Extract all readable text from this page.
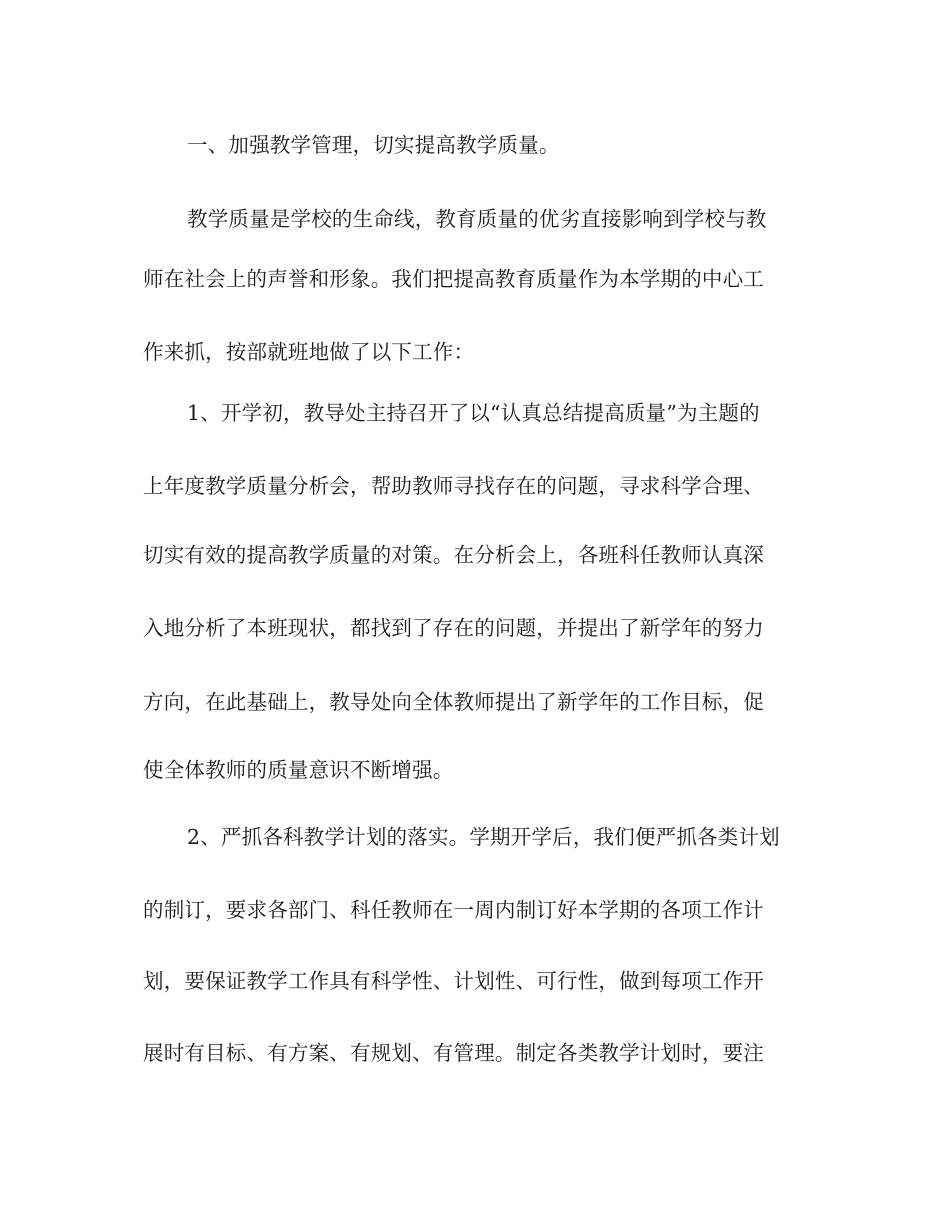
一、加强教学管理，切实提高教学质量。
教学质量是学校的生命线，教育质量的优劣直接影响到学校与教
师在社会上的声誉和形象。我们把提高教育质量作为本学期的中心工
作来抓，按部就班地做了以下工作：
1、开学初，教导处主持召开了以“认真总结提高质量”为主题的
上年度教学质量分析会，帮助教师寻找存在的问题，寻求科学合理、
切实有效的提高教学质量的对策。在分析会上，各班科任教师认真深
入地分析了本班现状，都找到了存在的问题，并提出了新学年的努力
方向，在此基础上，教导处向全体教师提出了新学年的工作目标，促
使全体教师的质量意识不断增强。
2、严抓各科教学计划的落实。学期开学后，我们便严抓各类计划
的制订，要求各部门、科任教师在一周内制订好本学期的各项工作计
划，要保证教学工作具有科学性、计划性、可行性，做到每项工作开
展时有目标、有方案、有规划、有管理。制定各类教学计划时，要注
